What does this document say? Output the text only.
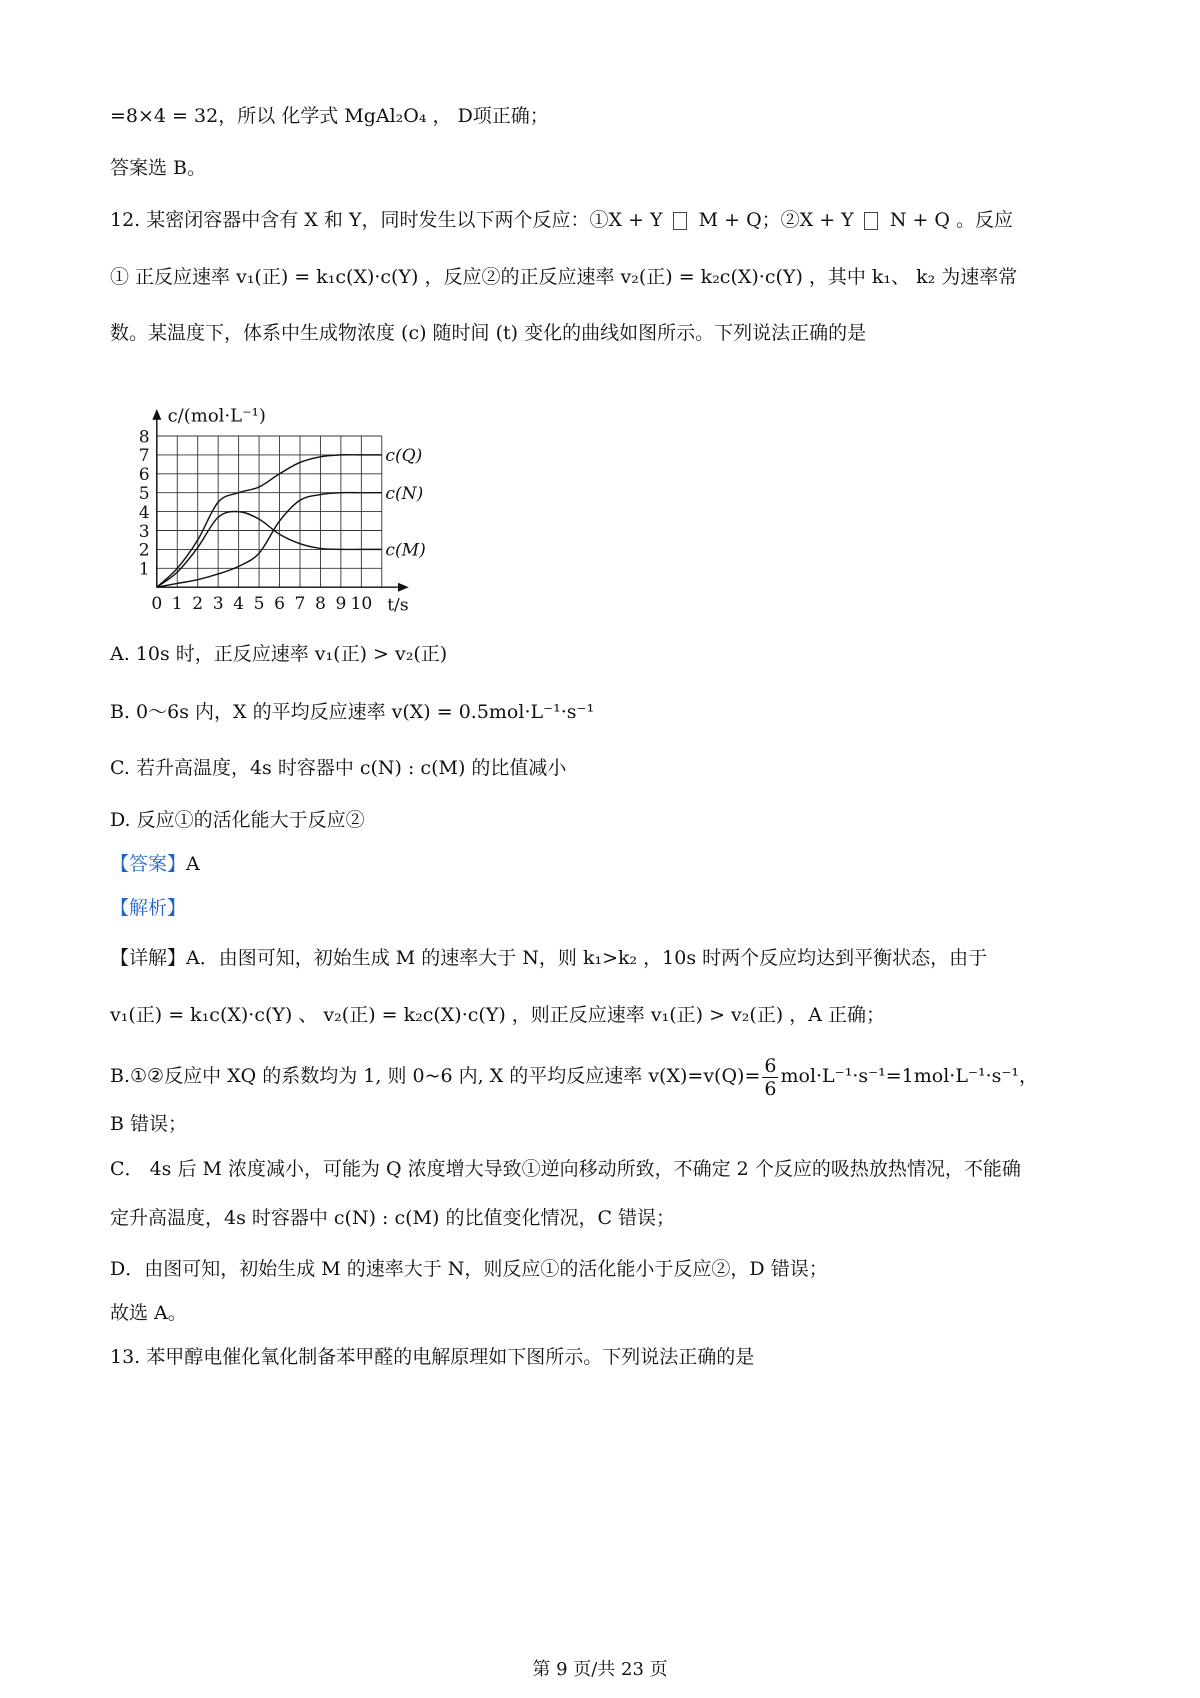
=8×4 = 32，所以 化学式 MgAl₂O₄ ， D项正确；
答案选 B。
12. 某密闭容器中含有 X 和 Y，同时发生以下两个反应：①X + Y M + Q；②X + Y N + Q 。反应
① 正反应速率 v₁(正) = k₁c(X)·c(Y) ，反应②的正反应速率 v₂(正) = k₂c(X)·c(Y) ，其中 k₁、 k₂ 为速率常
数。某温度下，体系中生成物浓度 (c) 随时间 (t) 变化的曲线如图所示。下列说法正确的是
0 1 2 3 4 5 6 7 8 9 10
1
2
3
4
5
6
7
8
c(Q)
c(N)
c(M)
c/(mol·L⁻¹)
t/s
A. 10s 时，正反应速率 v₁(正) > v₂(正)
B. 0～6s 内，X 的平均反应速率 v(X) = 0.5mol·L⁻¹·s⁻¹
C. 若升高温度，4s 时容器中 c(N) : c(M) 的比值减小
D. 反应①的活化能大于反应②
【答案】A
【解析】
【详解】A．由图可知，初始生成 M 的速率大于 N，则 k₁>k₂ ，10s 时两个反应均达到平衡状态，由于
v₁(正) = k₁c(X)·c(Y) 、 v₂(正) = k₂c(X)·c(Y) ，则正反应速率 v₁(正) > v₂(正) ，A 正确；
B.①②反应中 XQ 的系数均为 1, 则 0~6 内, X 的平均反应速率 $v(X)=v(Q)= \frac{6}{6} mol\cdot L^{-1}\cdot s^{-1}=1mol\cdot L^{-1}\cdot s^{-1}$，
B 错误；
C． 4s 后 M 浓度减小，可能为 Q 浓度增大导致①逆向移动所致，不确定 2 个反应的吸热放热情况，不能确
定升高温度，4s 时容器中 c(N) : c(M) 的比值变化情况，C 错误；
D．由图可知，初始生成 M 的速率大于 N，则反应①的活化能小于反应②，D 错误；
故选 A。
13. 苯甲醇电催化氧化制备苯甲醛的电解原理如下图所示。下列说法正确的是
第 9 页/共 23 页
